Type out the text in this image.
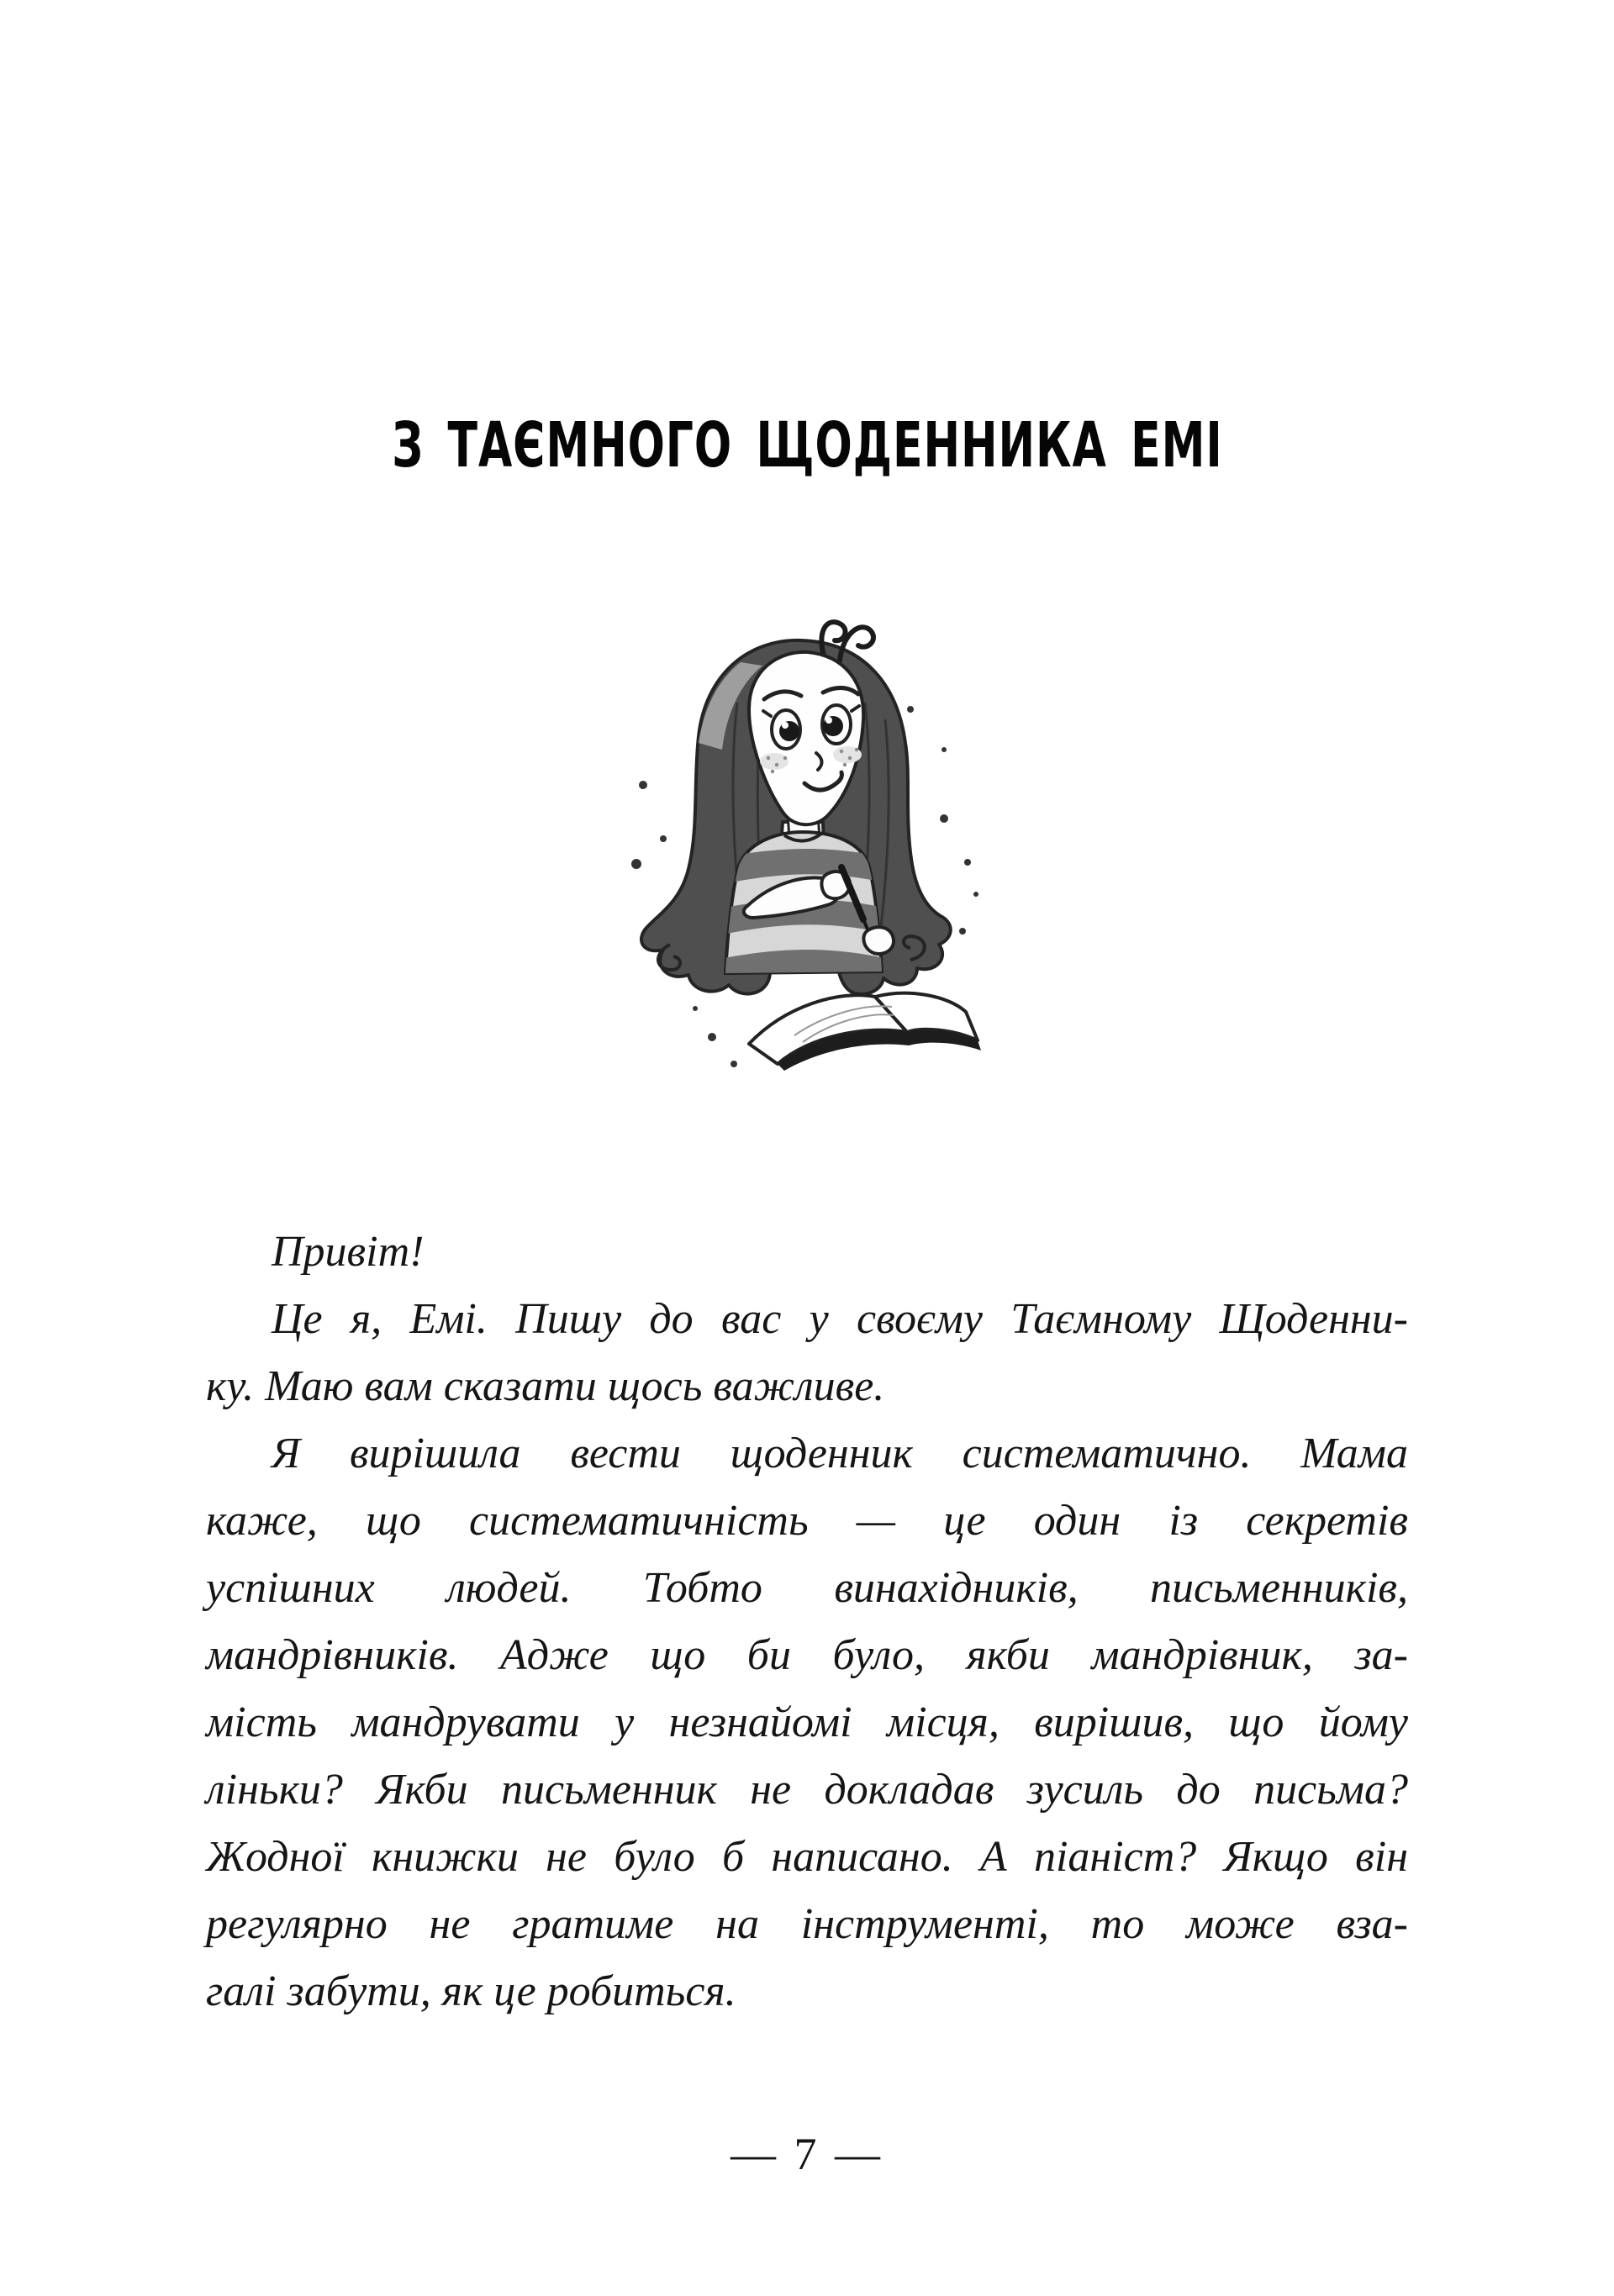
З ТАЄМНОГО ЩОДЕННИКА ЕМІ
Привіт!
Це я, Емі. Пишу до вас у своєму Таємному Щоденни-
ку. Маю вам сказати щось важливе.
Я вирішила вести щоденник систематично. Мама
каже, що систематичність — це один із секретів
успішних людей. Тобто винахідників, письменників,
мандрівників. Адже що би було, якби мандрівник, за-
мість мандрувати у незнайомі місця, вирішив, що йому
ліньки? Якби письменник не докладав зусиль до письма?
Жодної книжки не було б написано. А піаніст? Якщо він
регулярно не гратиме на інструменті, то може вза-
галі забути, як це робиться.
— 7 —
